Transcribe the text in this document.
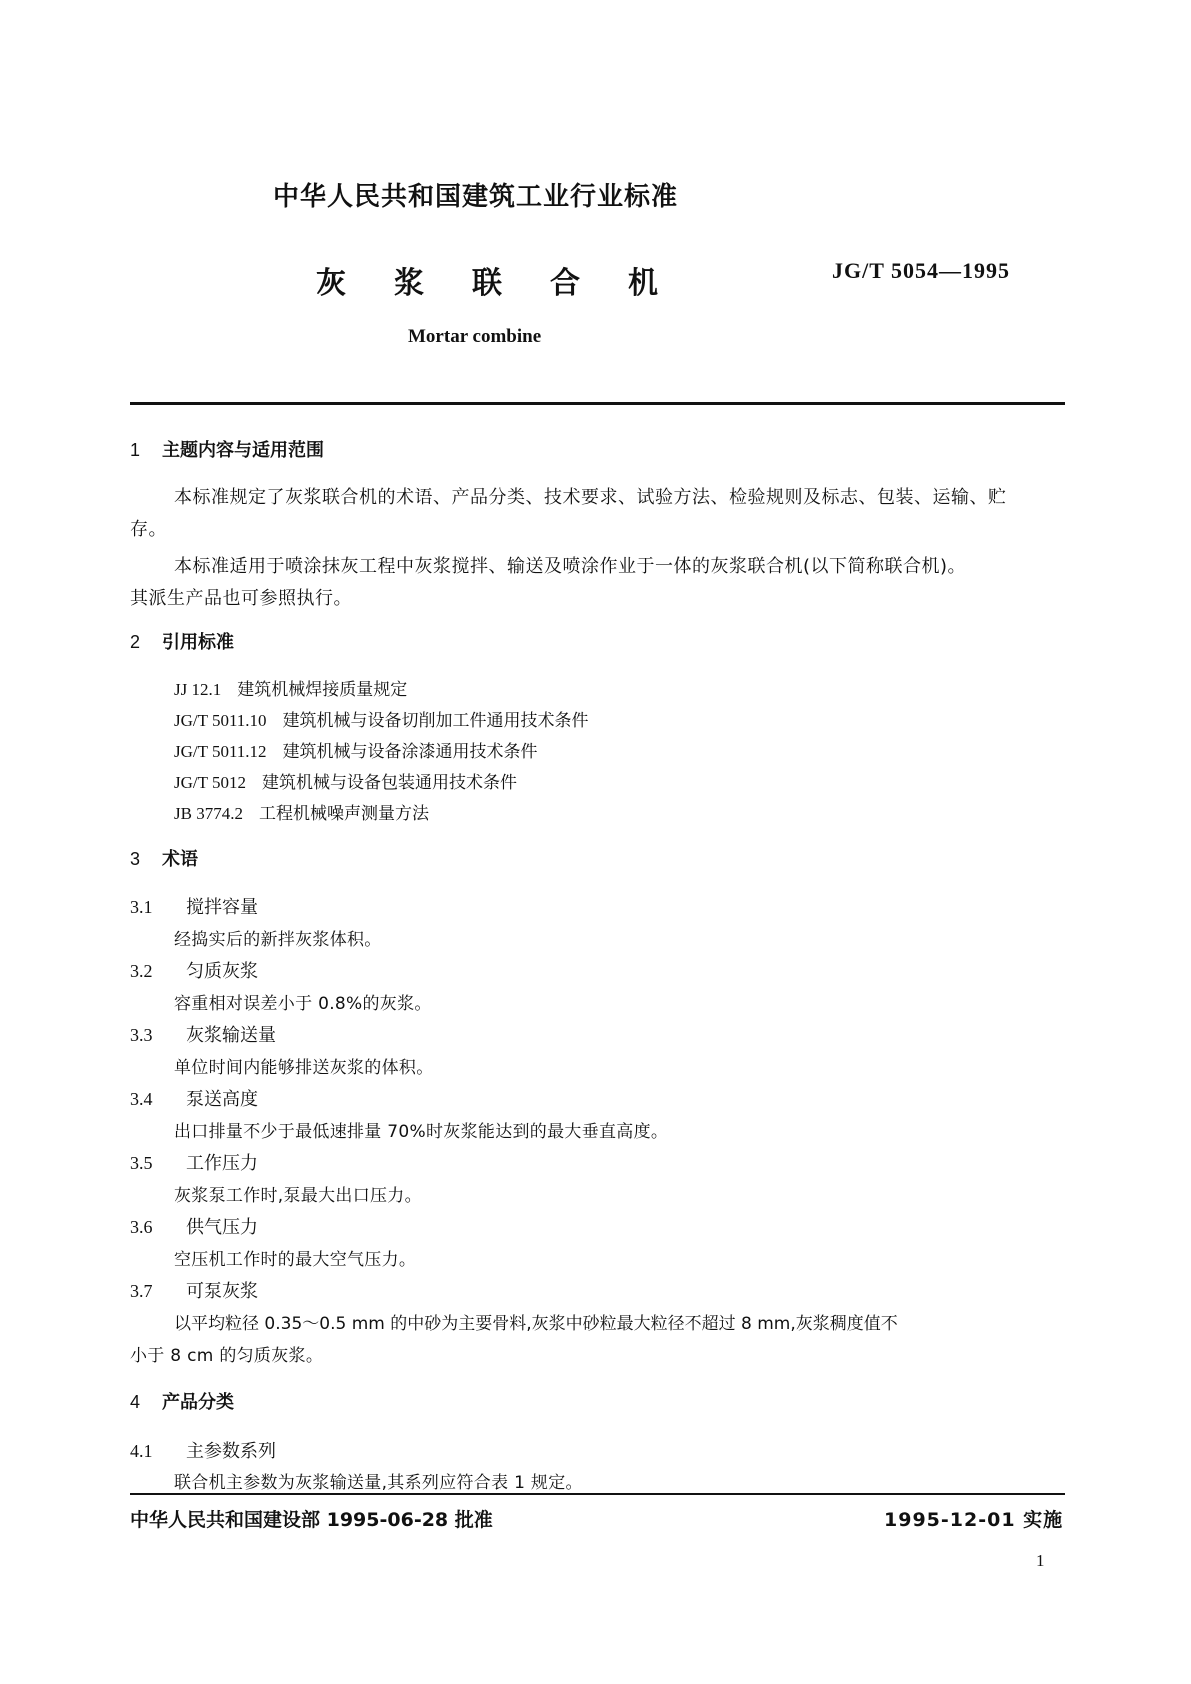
中华人民共和国建筑工业行业标准
灰 浆 联 合 机	JG/T 5054—1995
Mortar combine
1 主题内容与适用范围
本标准规定了灰浆联合机的术语、产品分类、技术要求、试验方法、检验规则及标志、包装、运输、贮
存。
本标准适用于喷涂抹灰工程中灰浆搅拌、输送及喷涂作业于一体的灰浆联合机(以下简称联合机)。
其派生产品也可参照执行。
2 引用标准
JJ 12.1 建筑机械焊接质量规定
JG/T 5011.10 建筑机械与设备切削加工件通用技术条件
JG/T 5011.12 建筑机械与设备涂漆通用技术条件
JG/T 5012 建筑机械与设备包装通用技术条件
JB 3774.2 工程机械噪声测量方法
3 术语
3.1 搅拌容量
经捣实后的新拌灰浆体积。
3.2 匀质灰浆
容重相对误差小于 0.8%的灰浆。
3.3 灰浆输送量
单位时间内能够排送灰浆的体积。
3.4 泵送高度
出口排量不少于最低速排量 70%时灰浆能达到的最大垂直高度。
3.5 工作压力
灰浆泵工作时,泵最大出口压力。
3.6 供气压力
空压机工作时的最大空气压力。
3.7 可泵灰浆
以平均粒径 0.35～0.5 mm 的中砂为主要骨料,灰浆中砂粒最大粒径不超过 8 mm,灰浆稠度值不
小于 8 cm 的匀质灰浆。
4 产品分类
4.1 主参数系列
联合机主参数为灰浆输送量,其系列应符合表 1 规定。
中华人民共和国建设部 1995-06-28 批准	1995-12-01 实施
1
